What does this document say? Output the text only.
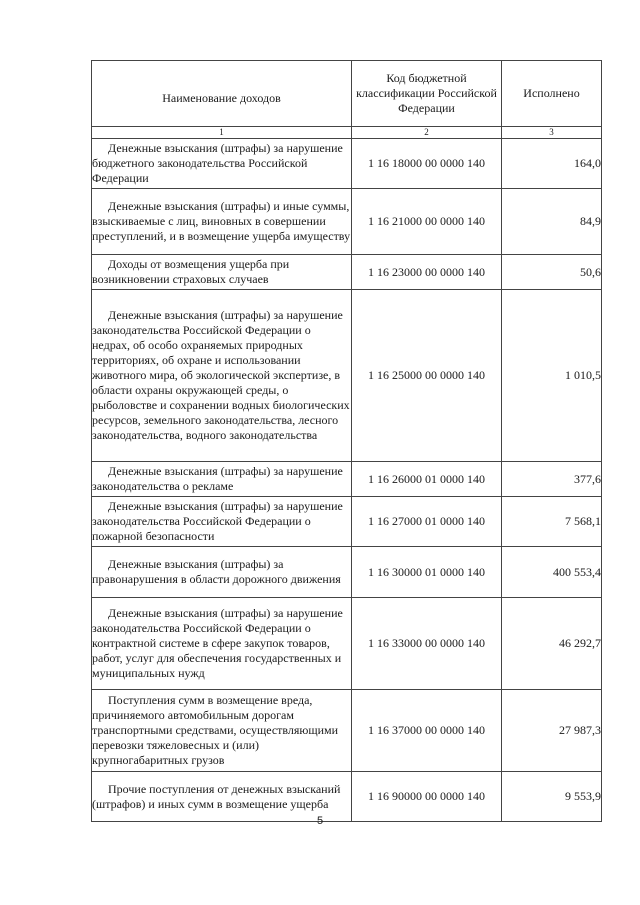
Наименование доходов	Код бюджетной классификации Российской Федерации	Исполнено
1	2	3

Денежные взыскания (штрафы) за нарушение бюджетного законодательства Российской Федерации	1 16 18000 00 0000 140	164,0

Денежные взыскания (штрафы) и иные суммы, взыскиваемые с лиц, виновных в совершении преступлений, и в возмещение ущерба имуществу	1 16 21000 00 0000 140	84,9

Доходы от возмещения ущерба при возникновении страховых случаев	1 16 23000 00 0000 140	50,6

Денежные взыскания (штрафы) за нарушение законодательства Российской Федерации о недрах, об особо охраняемых природных территориях, об охране и использовании животного мира, об экологической экспертизе, в области охраны окружающей среды, о рыболовстве и сохранении водных биологических ресурсов, земельного законодательства, лесного законодательства, водного законодательства	1 16 25000 00 0000 140	1 010,5

Денежные взыскания (штрафы) за нарушение законодательства о рекламе	1 16 26000 01 0000 140	377,6

Денежные взыскания (штрафы) за нарушение законодательства Российской Федерации о пожарной безопасности	1 16 27000 01 0000 140	7 568,1

Денежные взыскания (штрафы) за правонарушения в области дорожного движения	1 16 30000 01 0000 140	400 553,4

Денежные взыскания (штрафы) за нарушение законодательства Российской Федерации о контрактной системе в сфере закупок товаров, работ, услуг для обеспечения государственных и муниципальных нужд	1 16 33000 00 0000 140	46 292,7

Поступления сумм в возмещение вреда, причиняемого автомобильным дорогам транспортными средствами, осуществляющими перевозки тяжеловесных и (или) крупногабаритных грузов	1 16 37000 00 0000 140	27 987,3

Прочие поступления от денежных взысканий (штрафов) и иных сумм в возмещение ущерба	1 16 90000 00 0000 140	9 553,9
5
